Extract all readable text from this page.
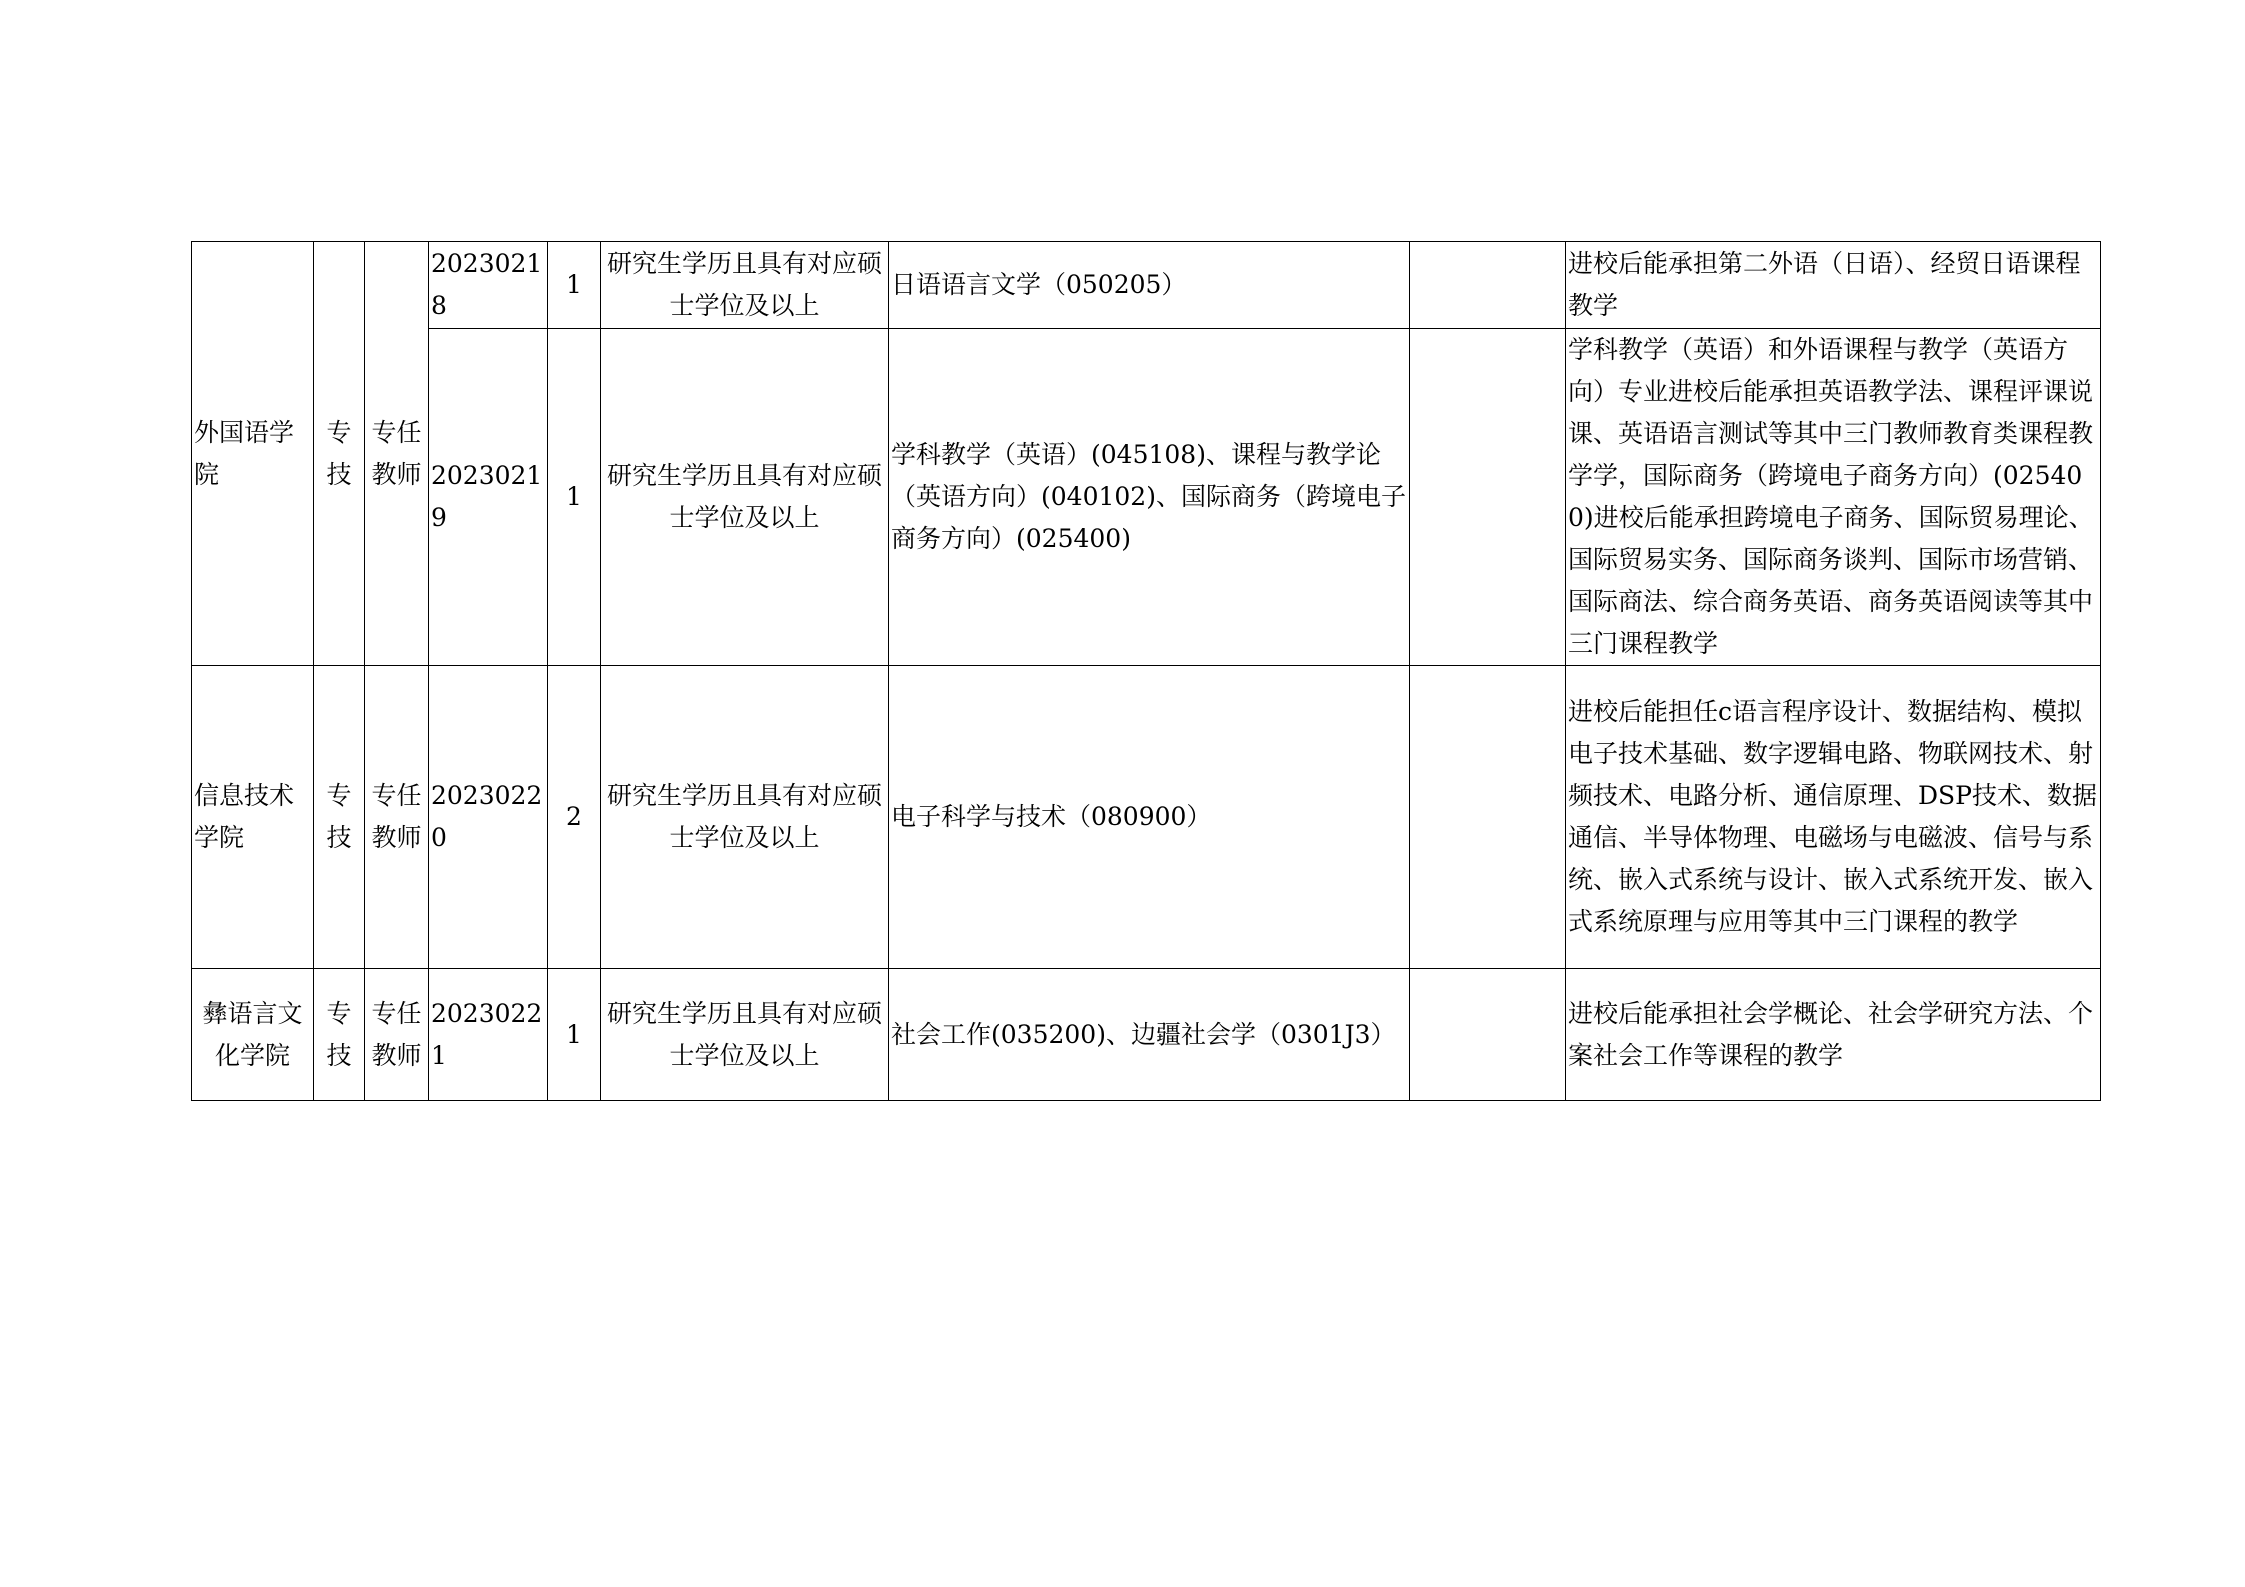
外国语学院	专技	专任教师	20230218	1	研究生学历且具有对应硕士学位及以上	日语语言文学（050205）		进校后能承担第二外语（日语）、经贸日语课程教学
			20230219	1	研究生学历且具有对应硕士学位及以上	学科教学（英语）(045108)、课程与教学论（英语方向）(040102)、国际商务（跨境电子商务方向）(025400)		学科教学（英语）和外语课程与教学（英语方向）专业进校后能承担英语教学法、课程评课说课、英语语言测试等其中三门教师教育类课程教学学，国际商务（跨境电子商务方向）(025400)进校后能承担跨境电子商务、国际贸易理论、国际贸易实务、国际商务谈判、国际市场营销、国际商法、综合商务英语、商务英语阅读等其中三门课程教学
信息技术学院	专技	专任教师	20230220	2	研究生学历且具有对应硕士学位及以上	电子科学与技术（080900）		进校后能担任c语言程序设计、数据结构、模拟电子技术基础、数字逻辑电路、物联网技术、射频技术、电路分析、通信原理、DSP技术、数据通信、半导体物理、电磁场与电磁波、信号与系统、嵌入式系统与设计、嵌入式系统开发、嵌入式系统原理与应用等其中三门课程的教学
彝语言文化学院	专技	专任教师	20230221	1	研究生学历且具有对应硕士学位及以上	社会工作(035200)、边疆社会学（0301J3）		进校后能承担社会学概论、社会学研究方法、个案社会工作等课程的教学
